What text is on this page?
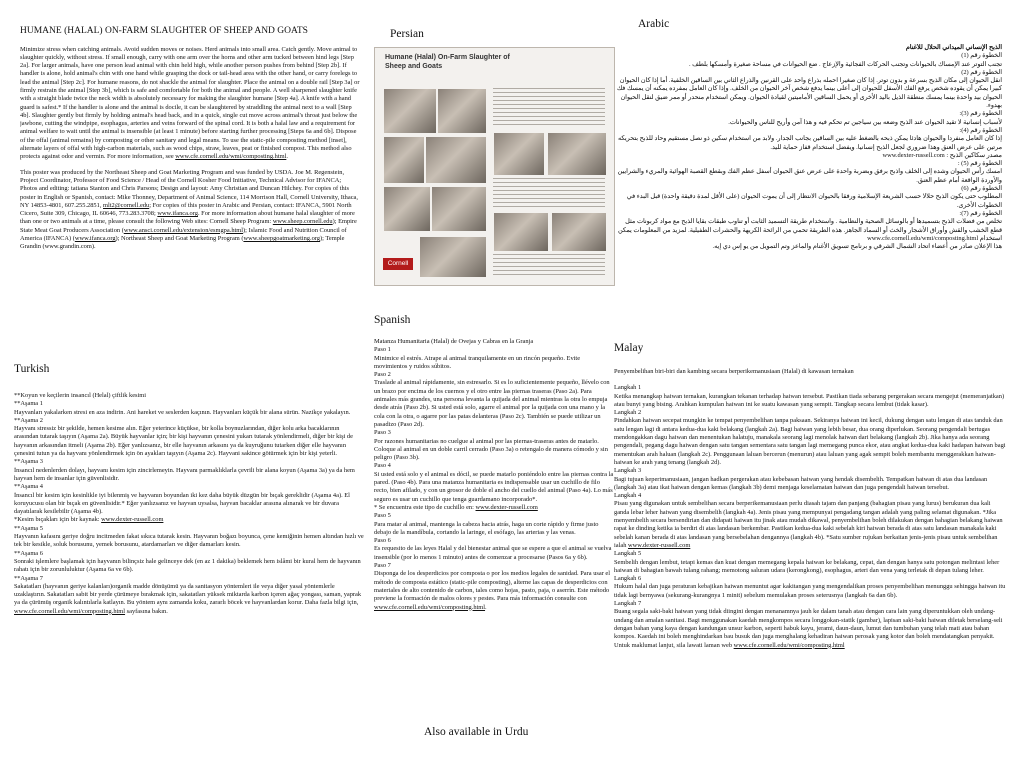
HUMANE (HALAL) ON-FARM SLAUGHTER OF SHEEP AND GOATS

Minimize stress when catching animals. Avoid sudden moves or noises. Herd animals into small area. Catch gently. Move animal to slaughter quickly, without stress. If small enough, carry with one arm over the horns and other arm tucked between hind legs [Step 2a]. For larger animals, have one person lead animal with chin held high, while another person pushes from behind [Step 2b]. If handler is alone, hold animal's chin with one hand while grasping the dock or tail-head area with the other hand, or carry forelegs to lead the animal [Step 2c]. For humane reasons, do not shackle the animal for slaughter. Place the animal on a double rail [Step 3a] or firmly restrain the animal [Step 3b], which is safe and comfortable for both the animal and people. A well sharpened slaughter knife with a straight blade twice the neck width is absolutely necessary for making the slaughter humane [Step 4a]. A knife with a hand guard is safest.* If the handler is alone and the animal is docile, it can be slaughtered by straddling the animal next to a wall [Step 4b]. Slaughter gently but firmly by holding animal's head back, and in a quick, single cut move across animal's throat just below the jawbone, cutting the windpipe, esophagus, arteries and veins forward of the spinal cord. It is both a halal law and a requirement for animal welfare to wait until the animal is insensible (at least 1 minute) before starting further processing [Steps 6a and 6b]. Dispose of the offal (animal remains) by composting or other sanitary and legal means. To use the static-pile composting method [inset], alternate layers of offal with high-carbon materials, such as wood chips, straw, leaves, peat or finished compost. This method also protects against odor and vermin. For more information, see www.cfe.cornell.edu/wmi/composting.html.

This poster was produced by the Northeast Sheep and Goat Marketing Program and was funded by USDA. Joe M. Regenstein, Project Coordinator, Professor of Food Science / Head of the Cornell Kosher Food Initiative, Technical Advisor for IFANCA; Photos and editing: tatiana Stanton and Chris Parsons; Design and layout: Amy Christian and Duncan Hilchey. For copies of this poster in English or Spanish, contact: Mike Thonney, Department of Animal Science, 114 Morrison Hall, Cornell University, Ithaca, NY 14853-4801, 607.255.2851, mlt2@cornell.edu; For copies of this poster in Arabic and Persian, contact: IFANCA, 5901 North Cicero, Suite 309, Chicago, IL 60646, 773.283.3708; www.ifanca.org. For more information about humane halal slaughter of more than one or two animals at a time, please consult the following Web sites: Cornell Sheep Program: www.sheep.cornell.edu); Empire State Meat Goat Producers Association (www.ansci.cornell.edu/extension/esmgpa.html); Islamic Food and Nutrition Council of America (IFANCA) (www.ifanca.org); Northeast Sheep and Goat Marketing Program (www.sheepgoatmarketing.org); Temple Grandin (www.grandin.com).

Turkish
**Koyun ve keçilerin insancıl (Helal) çiftlik kesimi
**Aşama 1
Hayvanları yakalarken stresi en aza indirin. Ani hareket ve seslerden kaçının. Hayvanları küçük bir alana sürün. Nazikçe yakalayın.
**Aşama 2
Hayvanı stressiz bir şekilde, hemen kesime alın. Eğer yeterince küçükse, bir kolla boynuzlarından, diğer kolu arka bacaklarının arasından tutarak taşıyın (Aşama 2a). Büyük hayvanlar için; bir kişi hayvanın çenesini yukarı tutarak yönlendirmeli, diğer bir kişi de hayvanın arkasından itmeli (Aşama 2b). Eğer yanlızsanız, bir elle hayvanın arkasını ya da kuyruğunu tutarken diğer elle hayvanın çenesini tutun ya da hayvanı yönlendirmek için ön ayakları taşıyın (Aşama 2c). Hayvani sakince götürmek için bir kişi yeterli.
**Aşama 3
İnsancıl nedenlerden dolayı, hayvanı kesim için zincirlemeyin. Hayvanı parmaklıklarla çevrili bir alana koyun (Aşama 3a) ya da hem hayvan hem de insanlar için güvenlisidir.
**Aşama 4
İnsancıl bir kesim için kesinlikle iyi bilenmiş ve hayvanın boyundan iki kez daha büyük düzgün bir bıçak gereklidir (Aşama 4a). El koruyucusu olan bir bıçak en güvenlisidir.* Eğer yanlızsanız ve hayvan uysalsa, hayvan bacaklar arasına alınarak ve bir duvara dayatılarak kesilebilir (Aşama 4b).
*Kesim bıçakları için bir kaynak: www.dexter-russell.com
**Aşama 5
Hayvanın kafasını geriye doğru incitmeden fakat sıkıca tutarak kesin. Hayvanın boğazı boyunca, çene kemiğinin hemen altından hızlı ve tek bir kesikle, soluk borusunu, yemek borusunu, atardamarları ve diğer damarları kesin.
**Aşama 6
Sonraki işlemlere başlamak için hayvanın bilinçsiz hale gelinceye dek (en az 1 dakika) beklemek hem islâmi bir kural hem de hayvanın rahatı için bir zorunluluktur (Aşama 6a ve 6b).
**Aşama 7
Sakatatları (hayvanın geriye kalanları)organik madde dönüşümü ya da sanitasyon yöntemleri ile veya diğer yasal yöntemlerle uzaklaştırın. Sakatatları sabit bir yerde çürümeye bırakmak için, sakatatları yüksek miktarda karbon içeren ağaç yongası, saman, yaprak ya da çürümüş organik kalıntılarla katlayın. Bu yöntem aynı zamanda koku, zararlı böcek ve hayvanlardan korur. Daha fazla bilgi için, www.cfe.cornell.edu/wmi/composting.html sayfasına bakın.
Persian
Humane (Halal) On-Farm Slaughter of Sheep and Goats
Cornell
Spanish
Matanza Humanitaria (Halal) de Ovejas y Cabras en la Granja
Paso 1
Minimice el estrés. Atrape al animal tranquilamente en un rincón pequeño. Evite movimientos y ruidos súbitos.
Paso 2
Traslade al animal rápidamente, sin estresarlo. Si es lo suficientemente pequeño, llévelo con un brazo por encima de los cuernos y el otro entre las piernas traseras (Paso 2a). Para animales más grandes, una persona levanta la quijada del animal mientras la otra lo empuja desde atrás (Paso 2b). Si usted está solo, agarre el animal por la quijada con una mano y la cola con la otra, o agarre por las patas delanteras (Paso 2c). También se puede utilizar un pasadizo (Paso 2d).
Paso 3
Por razones humanitarias no cuelgue al animal por las piernas-traseras antes de matarlo. Coloque al animal en un doble carril cerrado (Paso 3a) o retengalo de manera cómodo y sin peligro (Paso 3b).
Paso 4
Si usted está solo y el animal es dócil, se puede matarlo poniéndolo entre las piernas contra la pared. (Paso 4b). Para una matanza humanitaria es indispensable usar un cuchillo de filo recto, bien afilado, y con un grosor de doble el ancho del cuello del animal (Paso 4a). Lo más seguro es usar un cuchillo que tenga guardamano incorporado*.
* Se encuentra este tipo de cuchillo en: www.dexter-russell.com
Paso 5
Para matar al animal, mantenga la cabeza hacia atrás, haga un corte rápido y firme justo debajo de la mandíbula, cortando la laringe, el esófago, las arterias y las venas.
Paso 6
Es requesito de las leyes Halal y del bienestar animal que se espere a que el animal se vuelva insensible (por lo menos 1 minuto) antes de comenzar a procesarse (Pasos 6a y 6b).
Paso 7
Disponga de los desperdicios por composta o por los medios legales de sanidad. Para usar el método de composta estático (static-pile composting), alterne las capas de desperdicios con materiales de alto contenido de carbon, tales como hojas, pasto, paja, o aserrín. Este método previene la formación de malos olores y pestes. Para más información consulte con www.cfe.cornell.edu/wmi/composting.html.
Also available in Urdu
Arabic
الذبح الإنساني الميداني الحلال للأغنام
الخطوة رقم (1)
تجنب التوتر عند الإمساك بالحيوانات وتجنب الحركات الفجائية والإزعاج . ضع الحيوانات في مساحة صغيرة وأمسكها بلطف .
الخطوة رقم (2)
انقل الحيوان إلى مكان الذبح بسرعة و بدون توتر. إذا كان صغيرا احمله بذراع واحد على القرنين والذراع الثاني بين الساقين الخلفية. أما إذا كان الحيوان كبيرا يمكن أن يقوده شخص يرفع الفك الأسفل للحيوان إلى أعلى بينما يدفع شخص آخر الحيوان من الخلف. وإذا كان العامل بمفرده يمكنه أن يمسك فك الحيوان بيد واحدة بينما يمسك منطقة الذيل باليد الأخرى أو يحمل الساقين الأماميتين لقيادة الحيوان. ويمكن استخدام منحدر أو ممر ضيق لنقل الحيوان بهدوء.
الخطوة رقم (3):
لأسباب إنسانية لا تقيد الحيوان عند الذبح وضعه بين سياجين تم تحكم فيه و هذا آمن وأريح للناس والحيوانات.
الخطوة رقم (4):
إذا كان العامل منفردا والحيوان هادئا يمكن ذبحه بالضغط عليه بين الساقين بجانب الجدار. ولابد من استخدام سكين ذو نصل مستقيم وحاد للذبح بتحريكه مرتين على عرض العنق وهذا ضروري لجعل الذبح إنسانيا. ويفضل استخدام قفاز حماية لليد.
مصدر سكاكين الذبح : www.dexter-russell.com
الخطوة رقم (5) :
امسك رأس الحيوان وشده إلى الخلف واذبح برفق وبضربة واحدة على عرض عنق الحيوان أسفل عظم الفك وبقطع القصبة الهوائية والمريء والشرايين والأوردة الواقعة أمام عظم العنق.
الخطوة رقم (6)
المطلوب حتى يكون الذبح حلالا حسب الشريعة الإسلامية ورفقا بالحيوان الانتظار إلى أن يموت الحيوان (على الأقل لمدة دقيقة واحدة) قبل البدء في الخطوات الأخرى.
الخطوة رقم (7):
تخلص من فضلات الذبح بتسميدها أو بالوسائل الصحية والنظامية . واستخدام طريقة التسميد الثابت أو تناوب طبقات بقايا الذبح مع مواد كربونات مثل قطع الخشب والقش وأوراق الأشجار والخث أو السماد الجاهز. هذه الطريقة تحمي من الرائحة الكريهة والحشرات الطفيلية. لمزيد من المعلومات يمكن استخدام www.cfe.cornell.edu/wmi/composting.html
هذا الإعلان صادر من أعضاء اتحاد الشمال الشرقي و برنامج تسويق الأغنام والماعز وتم التمويل من يو إس دي إيه.
Malay
Penyembelihan biri-biri dan kambing secara berperikemanusiaan (Halal) di kawasan ternakan
Langkah 1
Ketika menangkap haiwan ternakan, kurangkan tekanan terhadap haiwan tersebut. Pastikan tiada sebarang pergerakan secara mengejut (memeranjatkan) atau bunyi yang bising. Arahkan kumpulan haiwan ini ke suatu kawasan yang sempit. Tangkap secara lembut (tidak kasar).
Langkah 2
Pindahkan haiwan secepat mungkin ke tempat penyembelihan tanpa paksaan. Sekiranya haiwan ini kecil, dukung dengan satu lengan di atas tanduk dan satu lengan lagi di antara kedua-dua kaki belakang (langkah 2a). Bagi haiwan yang lebih besar, dua orang diperlukan. Seorang pengendali bertugas mendongakkan dagu haiwan dan menentukan halatuju, manakala seorang lagi menolak haiwan dari belakang (langkah 2b). Jika hanya ada seorang pengendali, pegang dagu haiwan dengan satu tangan sementara satu tangan lagi memegang punca ekor, atau angkat kedua-dua kaki hadapan haiwan bagi menentukan arah haluan (langkah 2c). Penggunaan laluan bercerun (menurun) atau laluan yang agak sempit boleh membantu menggerakkan haiwan-haiwan ke arah yang tenang (langkah 2d).
Langkah 3
Bagi tujuan keperimanusiaan, jangan hadkan pergerakan atau kebebasan haiwan yang hendak disembelih. Tempatkan haiwan di atas dua landasan (langkah 3a) atau ikat haiwan dengan kemas (langkah 3b) demi menjaga keselamatan haiwan dan juga pengendali haiwan tersebut.
Langkah 4
Pisau yang digunakan untuk sembelihan secara berperikemanusiaan perlu diasah tajam dan panjang (bahagian pisau yang lurus) berukuran dua kali ganda lebar leher haiwan yang disembelih (langkah 4a). Jenis pisau yang mempunyai pengadang tangan adalah yang paling selamat digunakan. *Jika menyembelih secara bersendirian dan didapati haiwan itu jinak atau mudah dikawal, penyembelihan boleh dilakukan dengan bahagian belakang haiwan rapat ke dinding ketika ia berdiri di atas landasan berkembar. Pastikan kedua-dua kaki sebelah kiri haiwan berada di atas satu landasan manakala kaki sebelah kanan berada di atas landasan yang bersebelahan dengannya (langkah 4b). *Satu sumber rujukan berkaitan jenis-jenis pisau untuk sembelihan ialah www.dexter-russell.com
Langkah 5
Sembelih dengan lembut, tetapi kemas dan kuat dengan memegang kepala haiwan ke belakang, cepat, dan dengan hanya satu potongan melintasi leher haiwan di bahagian bawah tulang rahang; memotong saluran udara (kerongkong), esophagus, arteri dan vena yang terletak di depan tulang leher.
Langkah 6
Hukum halal dan juga peraturan kebajikan haiwan menuntut agar kakitangan yang mengendalikan proses penyembelihan menunggu sehingga haiwan itu tidak lagi bernyawa (sekurang-kurangnya 1 minit) sebelum memulakan proses seterusnya (langkah 6a dan 6b).
Langkah 7
Buang segala saki-baki haiwan yang tidak diingini dengan menanamnya jauh ke dalam tanah atau dengan cara lain yang diperuntukkan oleh undang-undang dan amalan sanitasi. Bagi menggunakan kaedah mengkompos secara longgokan-statik (gambar), lapisan saki-baki haiwan diletak berselang-seli dengan bahan yang kaya dengan kandungan unsur karbon, seperti habuk kayu, jerami, daun-daun, lumut dan tumbuhan yang telah mati atau bahan kompos. Kaedah ini boleh menghindarkan bau busuk dan juga menghalang kehadiran haiwan perosak yang kotor dan boleh mendatangkan penyakit. Untuk maklumat lanjut, sila lawati laman web www.cfe.cornell.edu/wmi/composting.html
